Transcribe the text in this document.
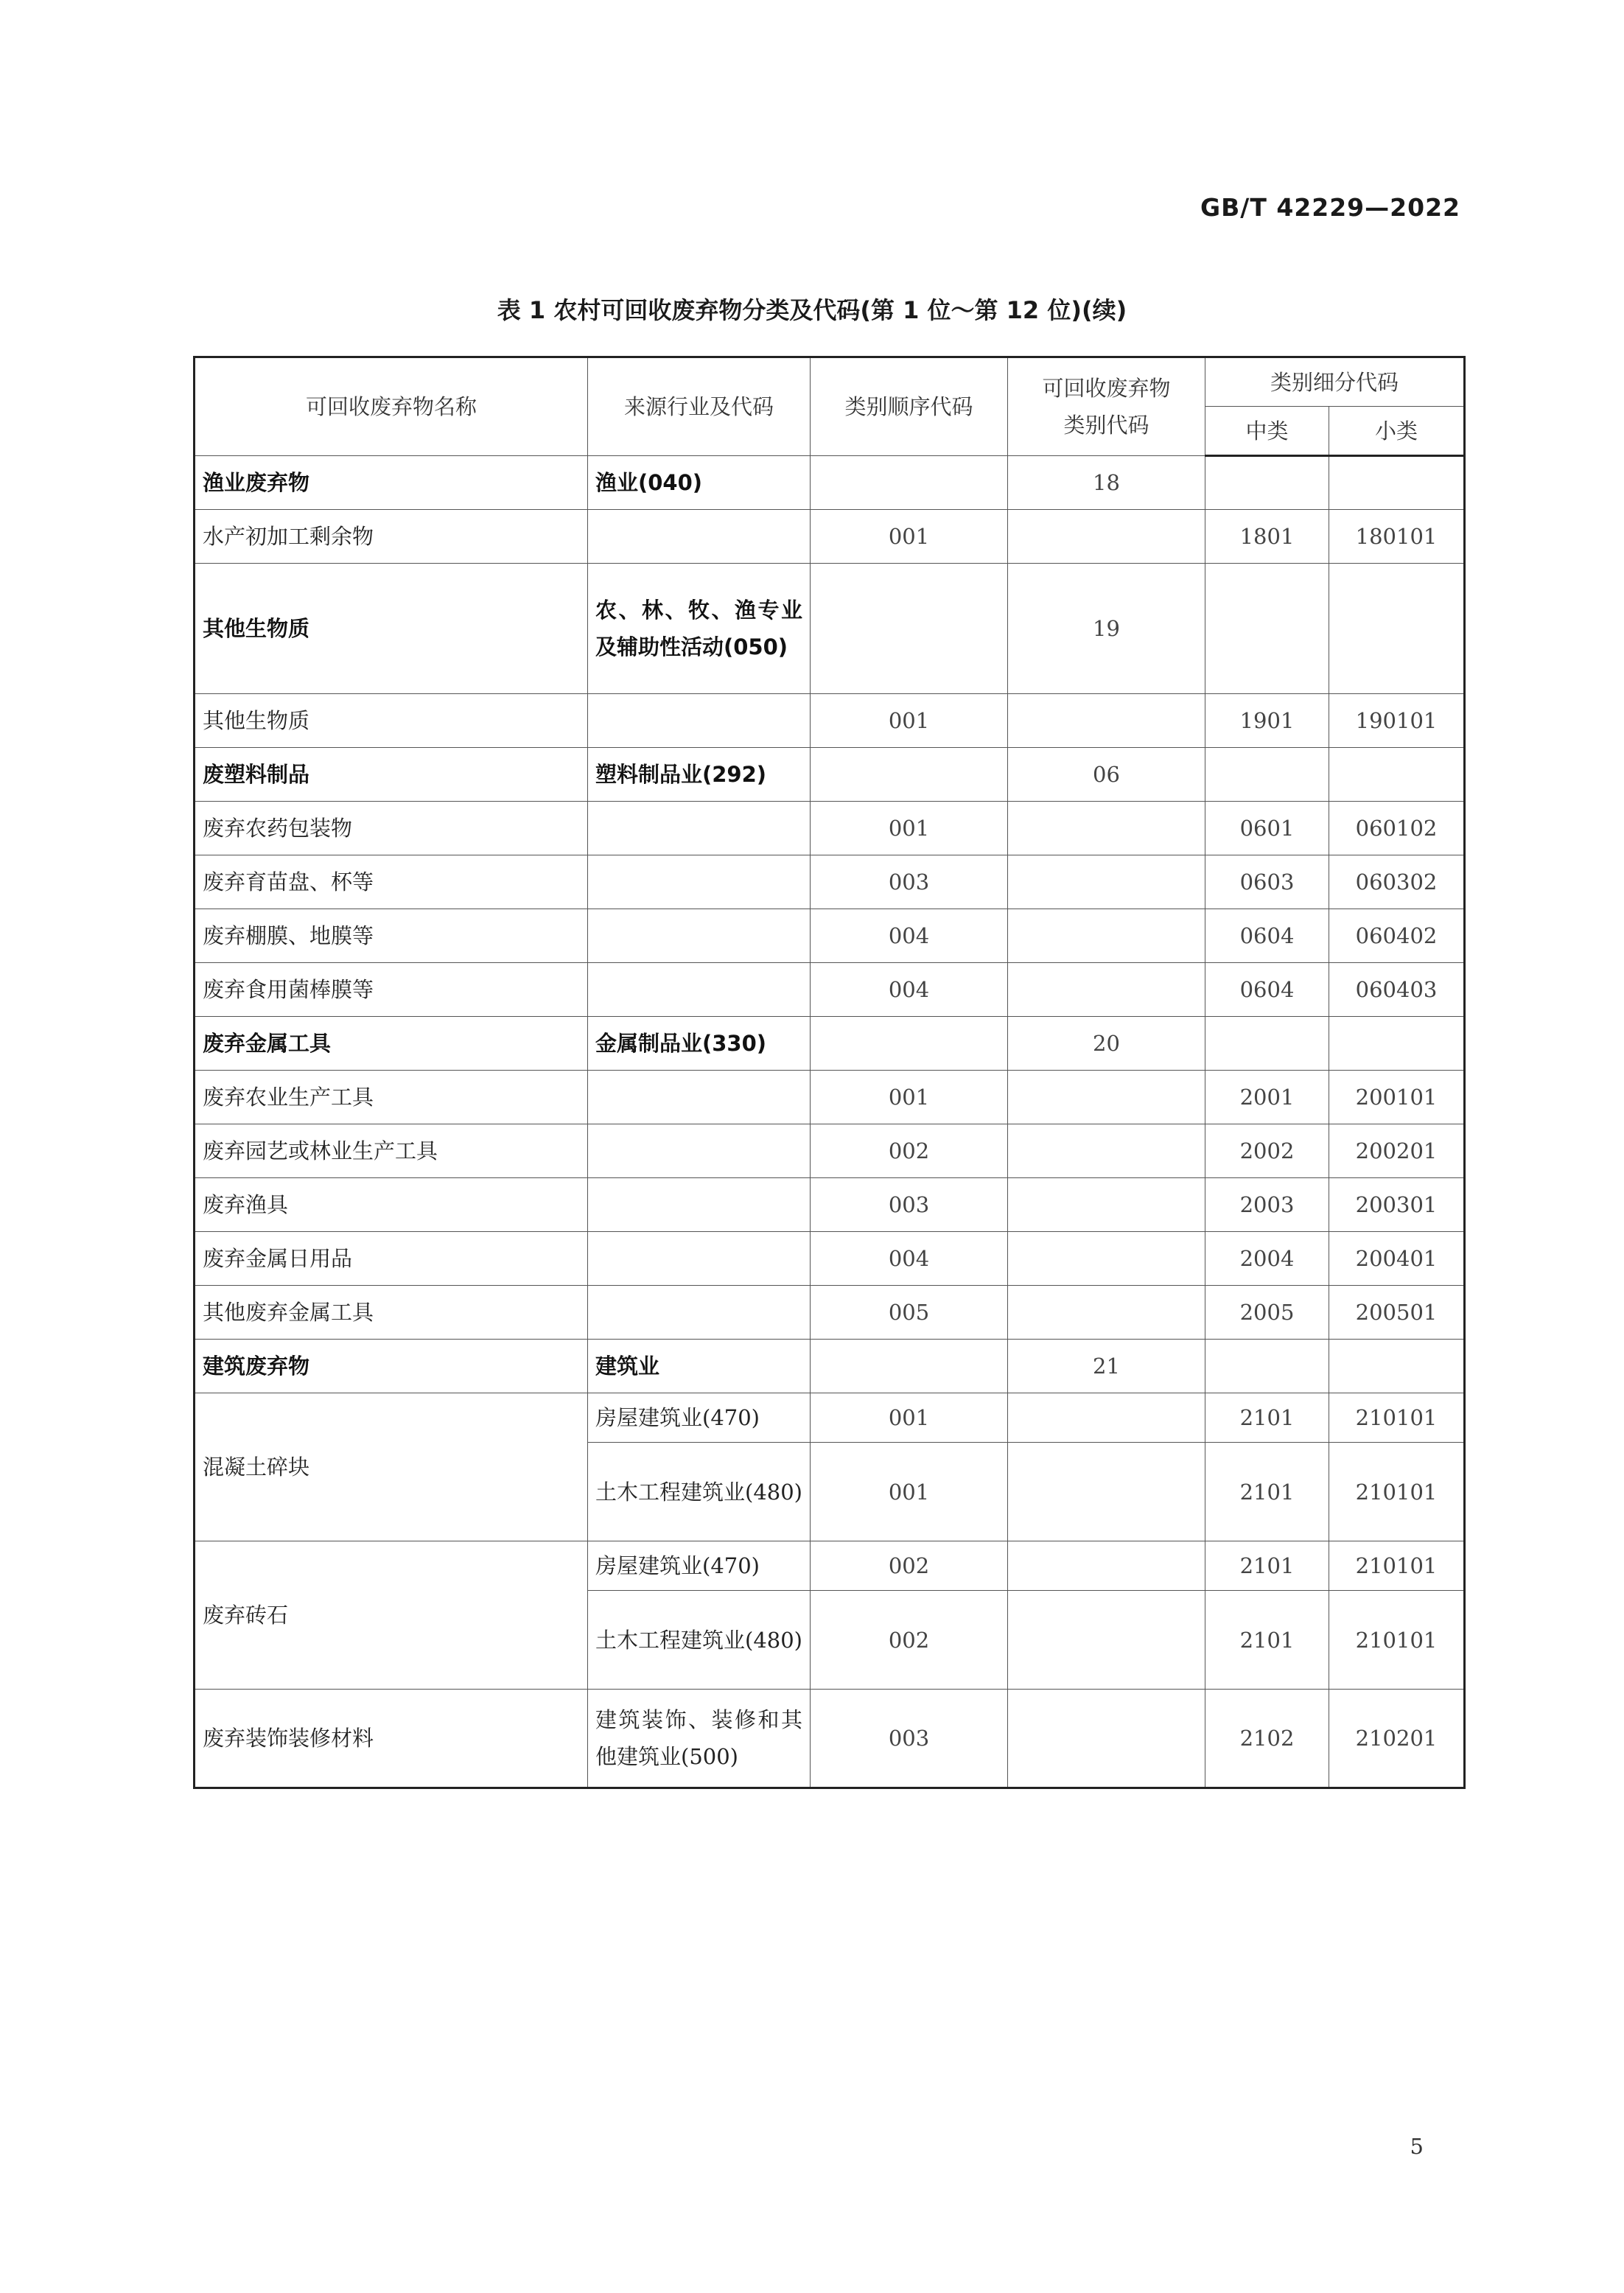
GB/T 42229—2022
表 1 农村可回收废弃物分类及代码(第 1 位～第 12 位)(续)
可回收废弃物名称	来源行业及代码	类别顺序代码	可回收废弃物类别代码	类别细分代码	
				中类	小类
渔业废弃物	渔业(040)		18		
水产初加工剩余物		001		1801	180101
其他生物质	农、林、牧、渔专业及辅助性活动(050)		19		
其他生物质		001		1901	190101
废塑料制品	塑料制品业(292)		06		
废弃农药包装物		001		0601	060102
废弃育苗盘、杯等		003		0603	060302
废弃棚膜、地膜等		004		0604	060402
废弃食用菌棒膜等		004		0604	060403
废弃金属工具	金属制品业(330)		20		
废弃农业生产工具		001		2001	200101
废弃园艺或林业生产工具		002		2002	200201
废弃渔具		003		2003	200301
废弃金属日用品		004		2004	200401
其他废弃金属工具		005		2005	200501
建筑废弃物	建筑业		21		
混凝土碎块	房屋建筑业(470)	001		2101	210101
	土木工程建筑业(480)	001		2101	210101
废弃砖石	房屋建筑业(470)	002		2101	210101
	土木工程建筑业(480)	002		2101	210101
废弃装饰装修材料	建筑装饰、装修和其他建筑业(500)	003		2102	210201
5
